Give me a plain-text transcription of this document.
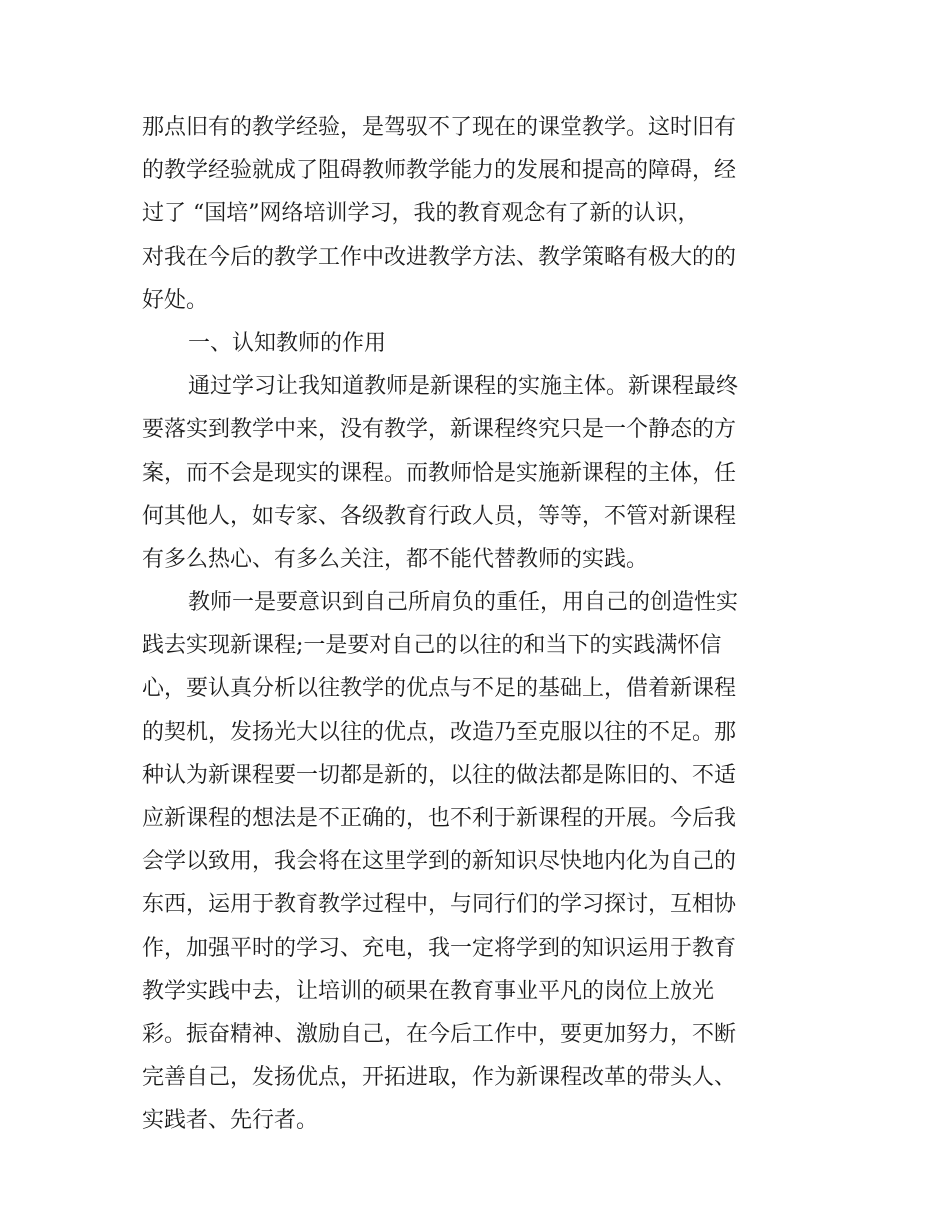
那点旧有的教学经验，是驾驭不了现在的课堂教学。这时旧有
的教学经验就成了阻碍教师教学能力的发展和提高的障碍，经
过了 “国培”网络培训学习，我的教育观念有了新的认识，
对我在今后的教学工作中改进教学方法、教学策略有极大的的
好处。
一、认知教师的作用
通过学习让我知道教师是新课程的实施主体。新课程最终
要落实到教学中来，没有教学，新课程终究只是一个静态的方
案，而不会是现实的课程。而教师恰是实施新课程的主体，任
何其他人，如专家、各级教育行政人员，等等，不管对新课程
有多么热心、有多么关注，都不能代替教师的实践。
教师一是要意识到自己所肩负的重任，用自己的创造性实
践去实现新课程;一是要对自己的以往的和当下的实践满怀信
心，要认真分析以往教学的优点与不足的基础上，借着新课程
的契机，发扬光大以往的优点，改造乃至克服以往的不足。那
种认为新课程要一切都是新的，以往的做法都是陈旧的、不适
应新课程的想法是不正确的，也不利于新课程的开展。今后我
会学以致用，我会将在这里学到的新知识尽快地内化为自己的
东西，运用于教育教学过程中，与同行们的学习探讨，互相协
作，加强平时的学习、充电，我一定将学到的知识运用于教育
教学实践中去，让培训的硕果在教育事业平凡的岗位上放光
彩。振奋精神、激励自己，在今后工作中，要更加努力，不断
完善自己，发扬优点，开拓进取，作为新课程改革的带头人、
实践者、先行者。
